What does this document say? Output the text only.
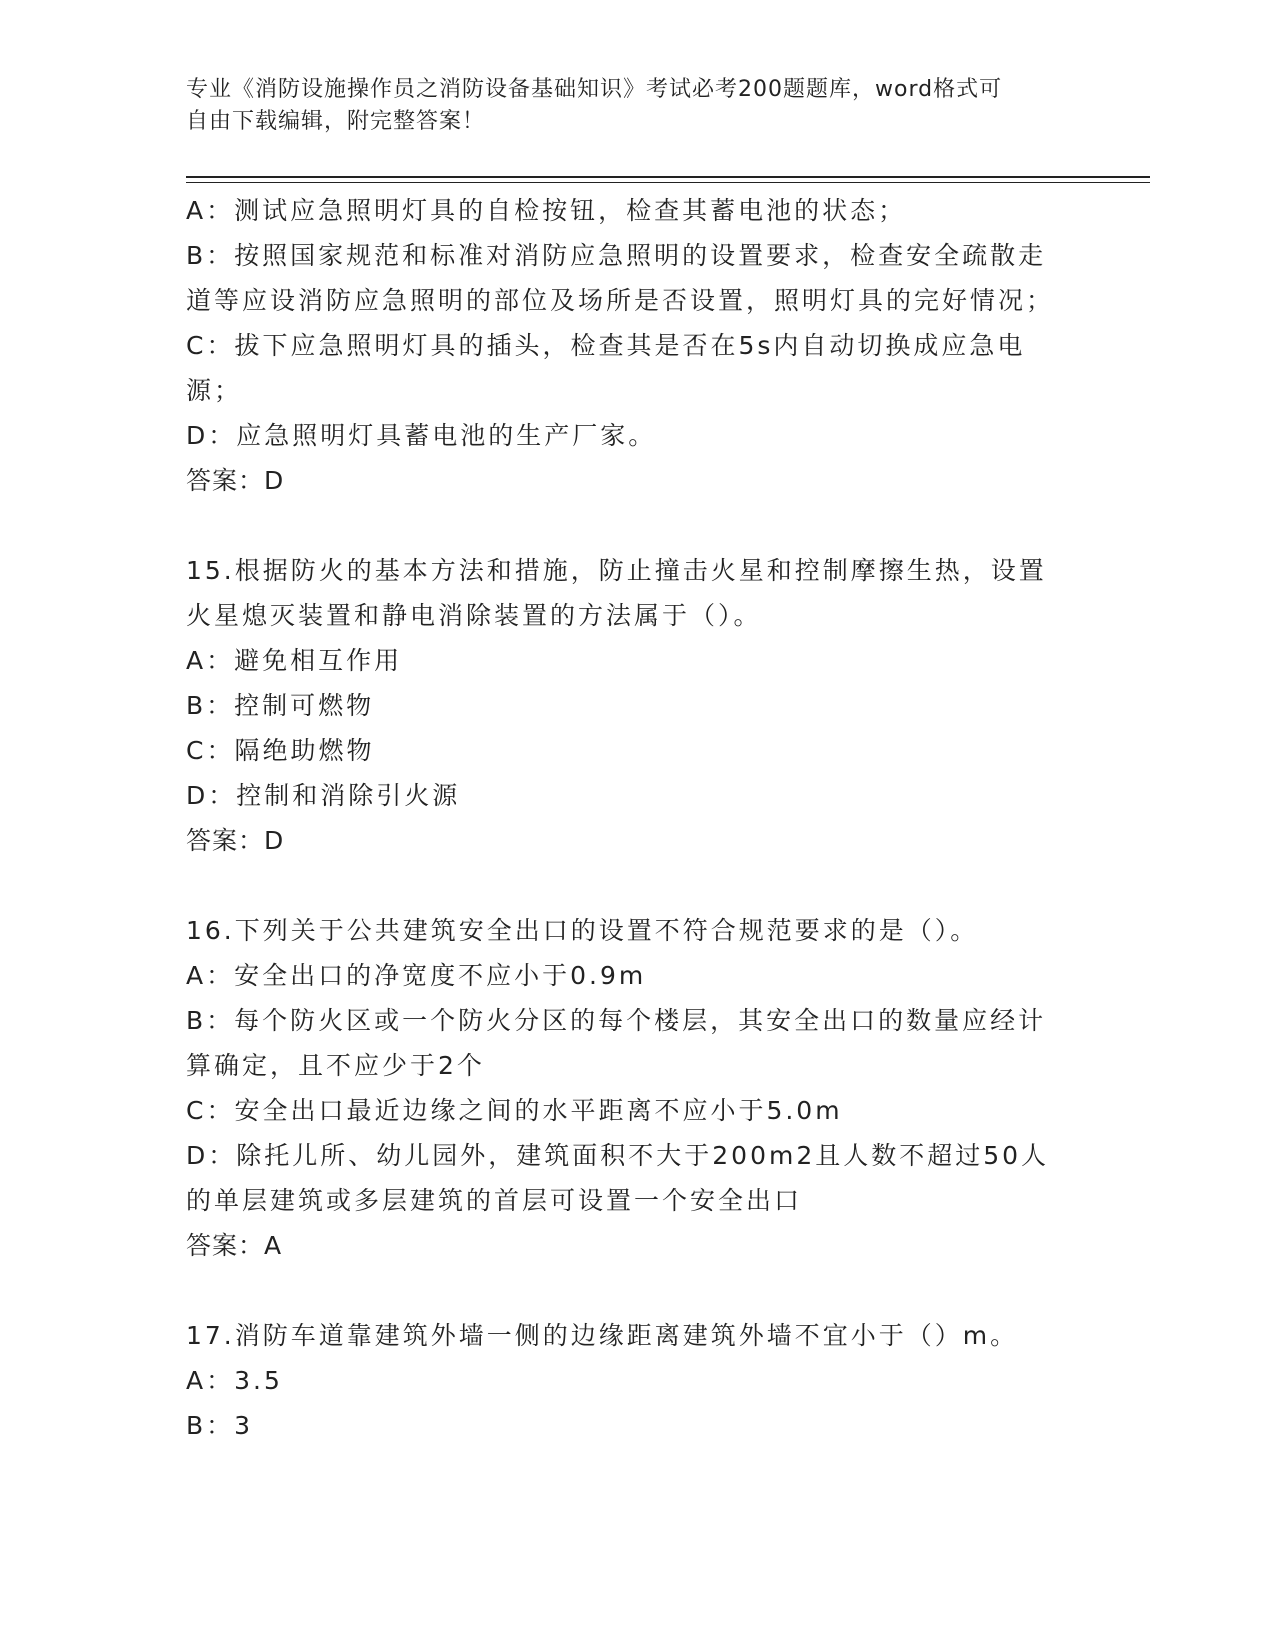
专业《消防设施操作员之消防设备基础知识》考试必考200题题库，word格式可
自由下载编辑，附完整答案！

A：测试应急照明灯具的自检按钮，检查其蓄电池的状态；

B：按照国家规范和标准对消防应急照明的设置要求，检查安全疏散走

道等应设消防应急照明的部位及场所是否设置，照明灯具的完好情况；

C：拔下应急照明灯具的插头，检查其是否在5s内自动切换成应急电

源；

D：应急照明灯具蓄电池的生产厂家。

答案：D

15.根据防火的基本方法和措施，防止撞击火星和控制摩擦生热，设置

火星熄灭装置和静电消除装置的方法属于（）。

A：避免相互作用

B：控制可燃物

C：隔绝助燃物

D：控制和消除引火源

答案：D

16.下列关于公共建筑安全出口的设置不符合规范要求的是（）。

A：安全出口的净宽度不应小于0.9m

B：每个防火区或一个防火分区的每个楼层，其安全出口的数量应经计

算确定，且不应少于2个

C：安全出口最近边缘之间的水平距离不应小于5.0m

D：除托儿所、幼儿园外，建筑面积不大于200m2且人数不超过50人

的单层建筑或多层建筑的首层可设置一个安全出口

答案：A

17.消防车道靠建筑外墙一侧的边缘距离建筑外墙不宜小于（）m。

A：3.5

B：3
